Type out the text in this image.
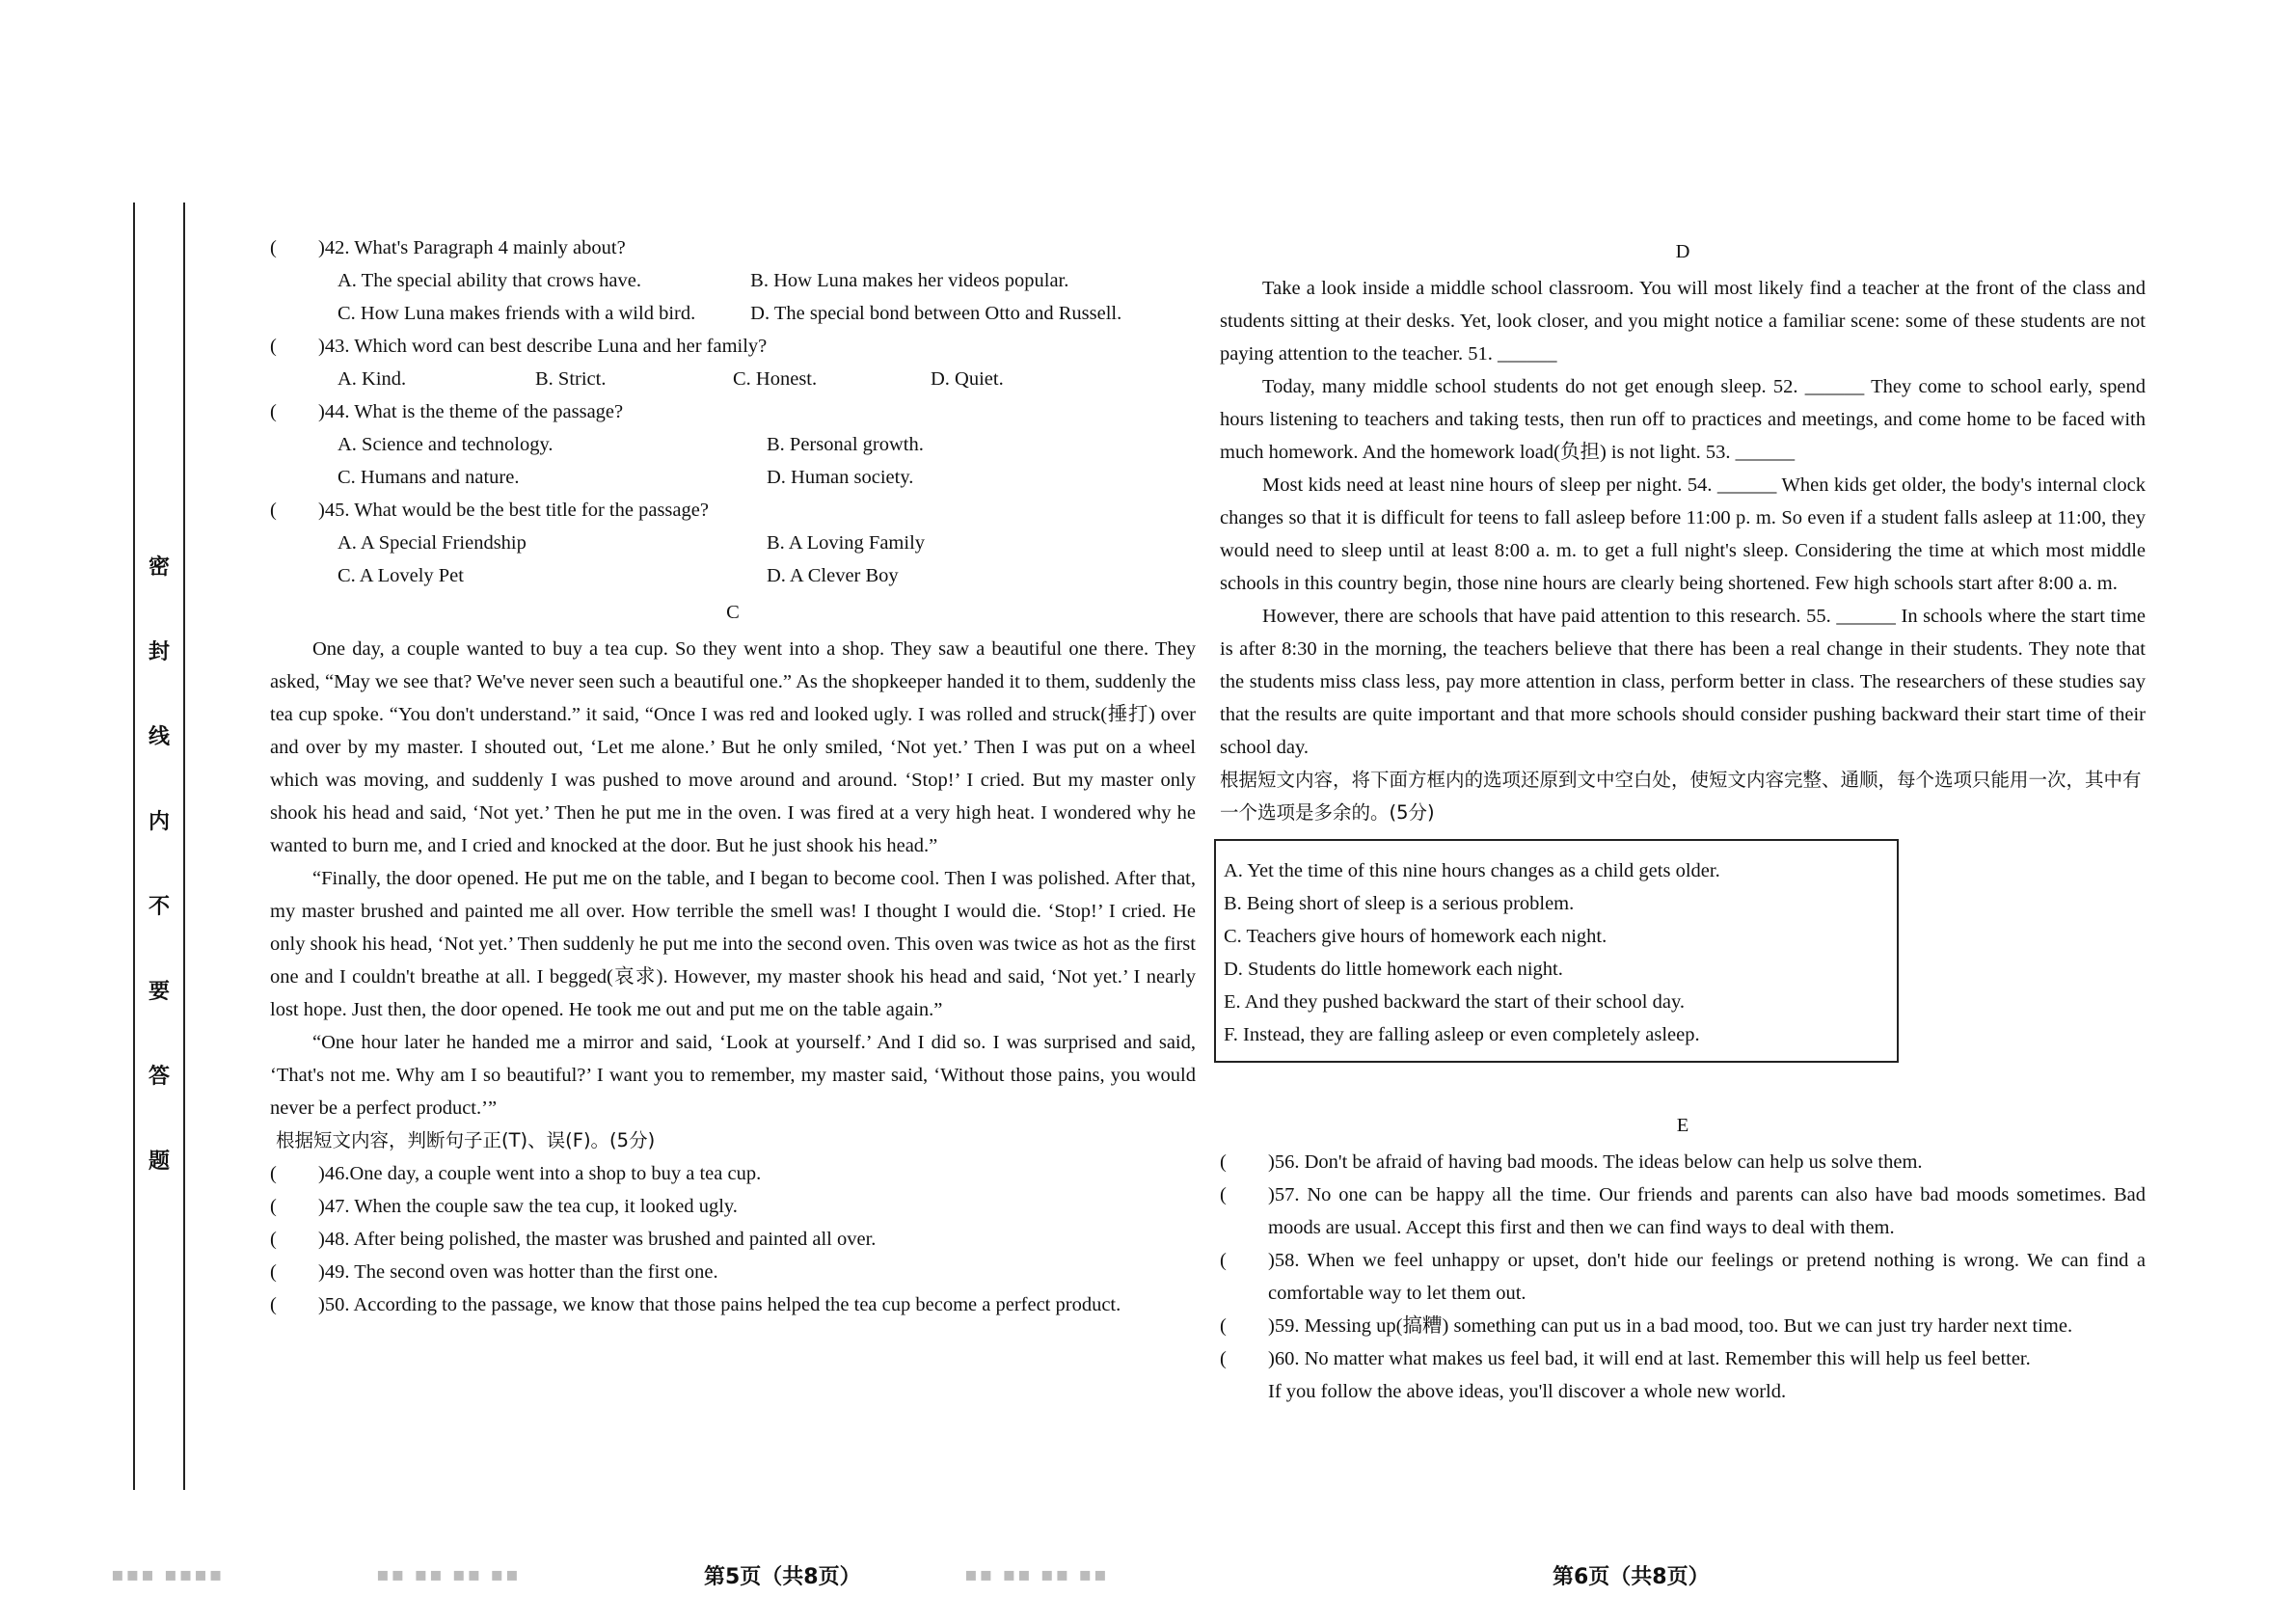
密
封
线
内
不
要
答
题
(	)42. What's Paragraph 4 mainly about?
A. The special ability that crows have.	B. How Luna makes her videos popular.
C. How Luna makes friends with a wild bird.	D. The special bond between Otto and Russell.
(	)43. Which word can best describe Luna and her family?
A. Kind.	B. Strict.	C. Honest.	D. Quiet.
(	)44. What is the theme of the passage?
A. Science and technology.	B. Personal growth.
C. Humans and nature.	D. Human society.
(	)45. What would be the best title for the passage?
A. A Special Friendship	B. A Loving Family
C. A Lovely Pet	D. A Clever Boy
C

One day, a couple wanted to buy a tea cup. So they went into a shop. They saw a beautiful one there. They asked, “May we see that? We've never seen such a beautiful one.” As the shopkeeper handed it to them, suddenly the tea cup spoke. “You don't understand.” it said, “Once I was red and looked ugly. I was rolled and struck(捶打) over and over by my master. I shouted out, ‘Let me alone.’ But he only smiled, ‘Not yet.’ Then I was put on a wheel which was moving, and suddenly I was pushed to move around and around. ‘Stop!’ I cried. But my master only shook his head and said, ‘Not yet.’ Then he put me in the oven. I was fired at a very high heat. I wondered why he wanted to burn me, and I cried and knocked at the door. But he just shook his head.”

“Finally, the door opened. He put me on the table, and I began to become cool. Then I was polished. After that, my master brushed and painted me all over. How terrible the smell was! I thought I would die. ‘Stop!’ I cried. He only shook his head, ‘Not yet.’ Then suddenly he put me into the second oven. This oven was twice as hot as the first one and I couldn't breathe at all. I begged(哀求). However, my master shook his head and said, ‘Not yet.’ I nearly lost hope. Just then, the door opened. He took me out and put me on the table again.”

“One hour later he handed me a mirror and said, ‘Look at yourself.’ And I did so. I was surprised and said, ‘That's not me. Why am I so beautiful?’ I want you to remember, my master said, ‘Without those pains, you would never be a perfect product.’”

根据短文内容，判断句子正(T)、误(F)。(5分)

(	)46.One day, a couple went into a shop to buy a tea cup.
(	)47. When the couple saw the tea cup, it looked ugly.
(	)48. After being polished, the master was brushed and painted all over.
(	)49. The second oven was hotter than the first one.
(	)50. According to the passage, we know that those pains helped the tea cup become a perfect product.
D

Take a look inside a middle school classroom. You will most likely find a teacher at the front of the class and students sitting at their desks. Yet, look closer, and you might notice a familiar scene: some of these students are not paying attention to the teacher. 51. ______

Today, many middle school students do not get enough sleep. 52. ______ They come to school early, spend hours listening to teachers and taking tests, then run off to practices and meetings, and come home to be faced with much homework. And the homework load(负担) is not light. 53. ______

Most kids need at least nine hours of sleep per night. 54. ______ When kids get older, the body's internal clock changes so that it is difficult for teens to fall asleep before 11:00 p. m. So even if a student falls asleep at 11:00, they would need to sleep until at least 8:00 a. m. to get a full night's sleep. Considering the time at which most middle schools in this country begin, those nine hours are clearly being shortened. Few high schools start after 8:00 a. m.

However, there are schools that have paid attention to this research. 55. ______ In schools where the start time is after 8:30 in the morning, the teachers believe that there has been a real change in their students. They note that the students miss class less, pay more attention in class, perform better in class. The researchers of these studies say that the results are quite important and that more schools should consider pushing backward their start time of their school day.

根据短文内容，将下面方框内的选项还原到文中空白处，使短文内容完整、通顺，每个选项只能用一次，其中有一个选项是多余的。(5分)

A. Yet the time of this nine hours changes as a child gets older.
B. Being short of sleep is a serious problem.
C. Teachers give hours of homework each night.
D. Students do little homework each night.
E. And they pushed backward the start of their school day.
F. Instead, they are falling asleep or even completely asleep.
E
(	)56. Don't be afraid of having bad moods. The ideas below can help us solve them.
(	)57. No one can be happy all the time. Our friends and parents can also have bad moods sometimes. Bad moods are usual. Accept this first and then we can find ways to deal with them.
(	)58. When we feel unhappy or upset, don't hide our feelings or pretend nothing is wrong. We can find a comfortable way to let them out.
(	)59. Messing up(搞糟) something can put us in a bad mood, too. But we can just try harder next time.
(	)60. No matter what makes us feel bad, it will end at last. Remember this will help us feel better.
If you follow the above ideas, you'll discover a whole new world.
▪▪▪ ▪▪▪▪	▪▪ ▪▪ ▪▪ ▪▪	▪▪ ▪▪ ▪▪ ▪▪
第5页（共8页）	第6页（共8页）
